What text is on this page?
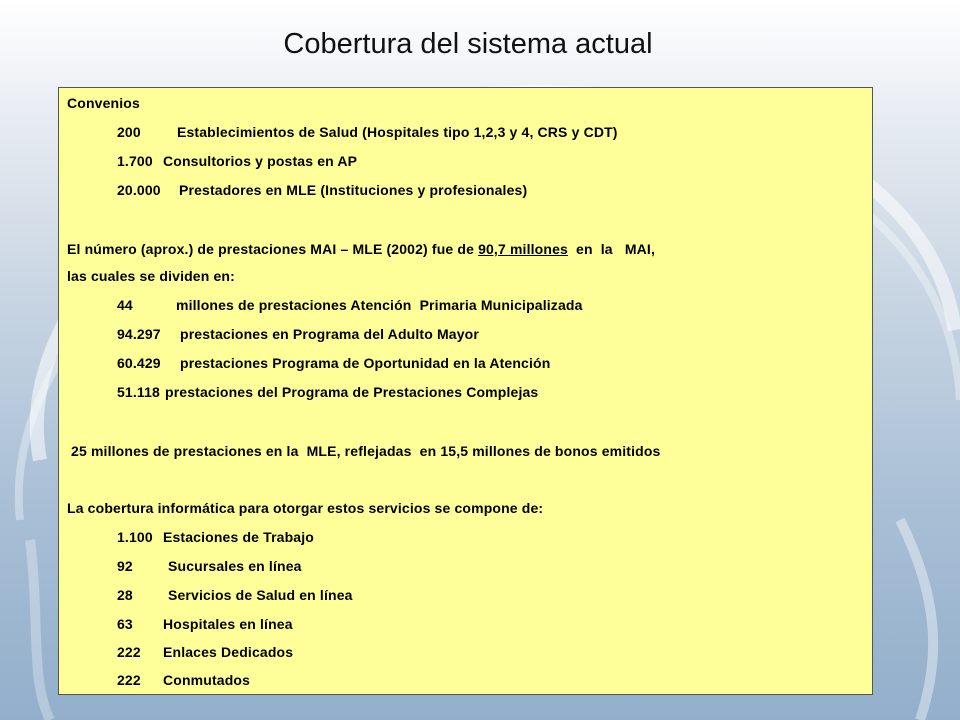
Cobertura del sistema actual
Convenios
200	Establecimientos de Salud (Hospitales tipo 1,2,3 y 4, CRS y CDT)
1.700 Consultorios y postas en AP
20.000 Prestadores en MLE (Instituciones y profesionales)
El número (aprox.) de prestaciones MAI – MLE (2002) fue de 90,7 millones  en  la   MAI,
las cuales se dividen en:
44	millones de prestaciones Atención  Primaria Municipalizada
94.297 prestaciones en Programa del Adulto Mayor
60.429 prestaciones Programa de Oportunidad en la Atención
51.118 prestaciones del Programa de Prestaciones Complejas
25 millones de prestaciones en la  MLE, reflejadas  en 15,5 millones de bonos emitidos
La cobertura informática para otorgar estos servicios se compone de:
1.100 Estaciones de Trabajo
92	Sucursales en línea
28	Servicios de Salud en línea
63 Hospitales en línea
222 Enlaces Dedicados
222 Conmutados
